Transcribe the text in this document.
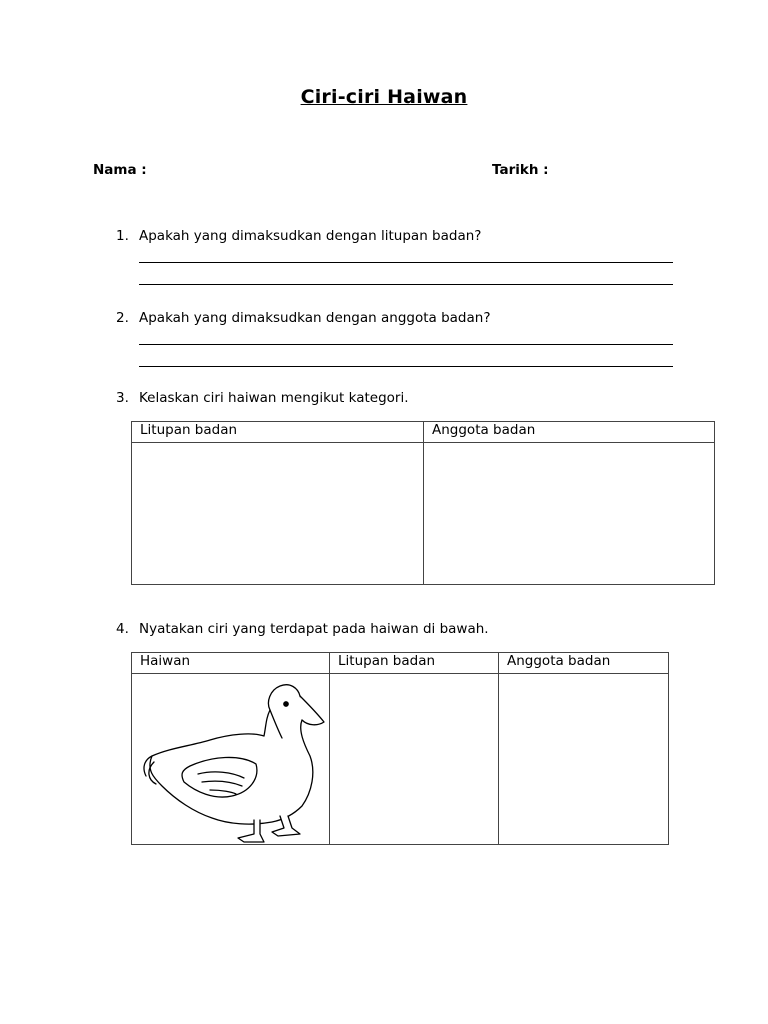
Ciri-ciri Haiwan
Nama :	Tarikh :
1. Apakah yang dimaksudkan dengan litupan badan?
2. Apakah yang dimaksudkan dengan anggota badan?
3. Kelaskan ciri haiwan mengikut kategori.
Litupan badan	Anggota badan

4. Nyatakan ciri yang terdapat pada haiwan di bawah.
Haiwan	Litupan badan	Anggota badan
